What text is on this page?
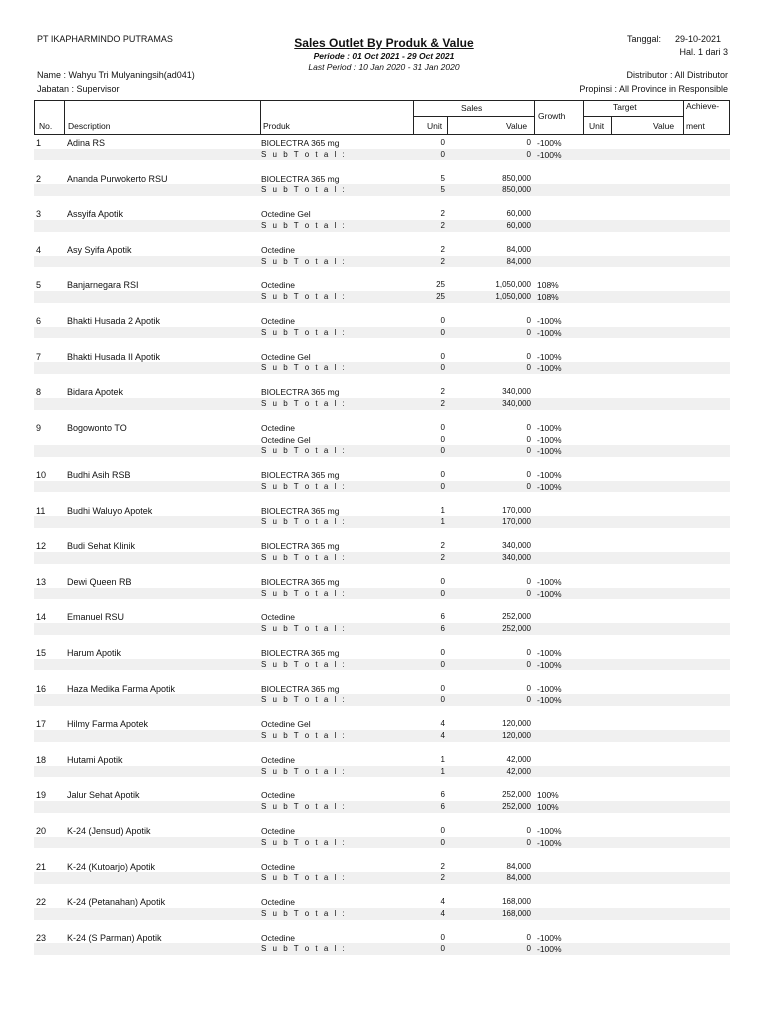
PT IKAPHARMINDO PUTRAMAS	Sales Outlet By Produk & Value
Periode : 01 Oct 2021 - 29 Oct 2021
Last Period : 10 Jan 2020 - 31 Jan 2020
Tanggal: 29-10-2021
Hal. 1 dari 3
Name : Wahyu Tri Mulyaningsih(ad041)
Jabatan : Supervisor
Distributor : All Distributor
Propinsi : All Province in Responsible
No. Description	Produk
Sales
Unit	Value
Growth
Target
Unit	Value
Achieve-
ment
1	Adina RS	BIOLECTRA 365 mg	0	0 -100%
S u b T o t a l :	0	0 -100%
2	Ananda Purwokerto RSU	BIOLECTRA 365 mg	5	850,000
S u b T o t a l :	5	850,000
3	Assyifa Apotik	Octedine Gel	2	60,000
S u b T o t a l :	2	60,000
4	Asy Syifa Apotik	Octedine	2	84,000
S u b T o t a l :	2	84,000
5	Banjarnegara RSI	Octedine	25	1,050,000 108%
S u b T o t a l :	25	1,050,000 108%
6	Bhakti Husada 2 Apotik	Octedine	0	0 -100%
S u b T o t a l :	0	0 -100%
7	Bhakti Husada II Apotik	Octedine Gel	0	0 -100%
S u b T o t a l :	0	0 -100%
8	Bidara Apotek	BIOLECTRA 365 mg	2	340,000
S u b T o t a l :	2	340,000
9	Bogowonto TO	Octedine	0	0 -100%
Octedine Gel	0	0 -100%
S u b T o t a l :	0	0 -100%
10 Budhi Asih RSB	BIOLECTRA 365 mg	0	0 -100%
S u b T o t a l :	0	0 -100%
11 Budhi Waluyo Apotek	BIOLECTRA 365 mg	1	170,000
S u b T o t a l :	1	170,000
12 Budi Sehat Klinik	BIOLECTRA 365 mg	2	340,000
S u b T o t a l :	2	340,000
13 Dewi Queen RB	BIOLECTRA 365 mg	0	0 -100%
S u b T o t a l :	0	0 -100%
14 Emanuel RSU	Octedine	6	252,000
S u b T o t a l :	6	252,000
15 Harum Apotik	BIOLECTRA 365 mg	0	0 -100%
S u b T o t a l :	0	0 -100%
16 Haza Medika Farma Apotik	BIOLECTRA 365 mg	0	0 -100%
S u b T o t a l :	0	0 -100%
17 Hilmy Farma Apotek	Octedine Gel	4	120,000
S u b T o t a l :	4	120,000
18 Hutami Apotik	Octedine	1	42,000
S u b T o t a l :	1	42,000
19 Jalur Sehat Apotik	Octedine	6	252,000 100%
S u b T o t a l :	6	252,000 100%
20 K-24 (Jensud) Apotik	Octedine	0	0 -100%
S u b T o t a l :	0	0 -100%
21 K-24 (Kutoarjo) Apotik	Octedine	2	84,000
S u b T o t a l :	2	84,000
22 K-24 (Petanahan) Apotik	Octedine	4	168,000
S u b T o t a l :	4	168,000
23 K-24 (S Parman) Apotik	Octedine	0	0 -100%
S u b T o t a l :	0	0 -100%
